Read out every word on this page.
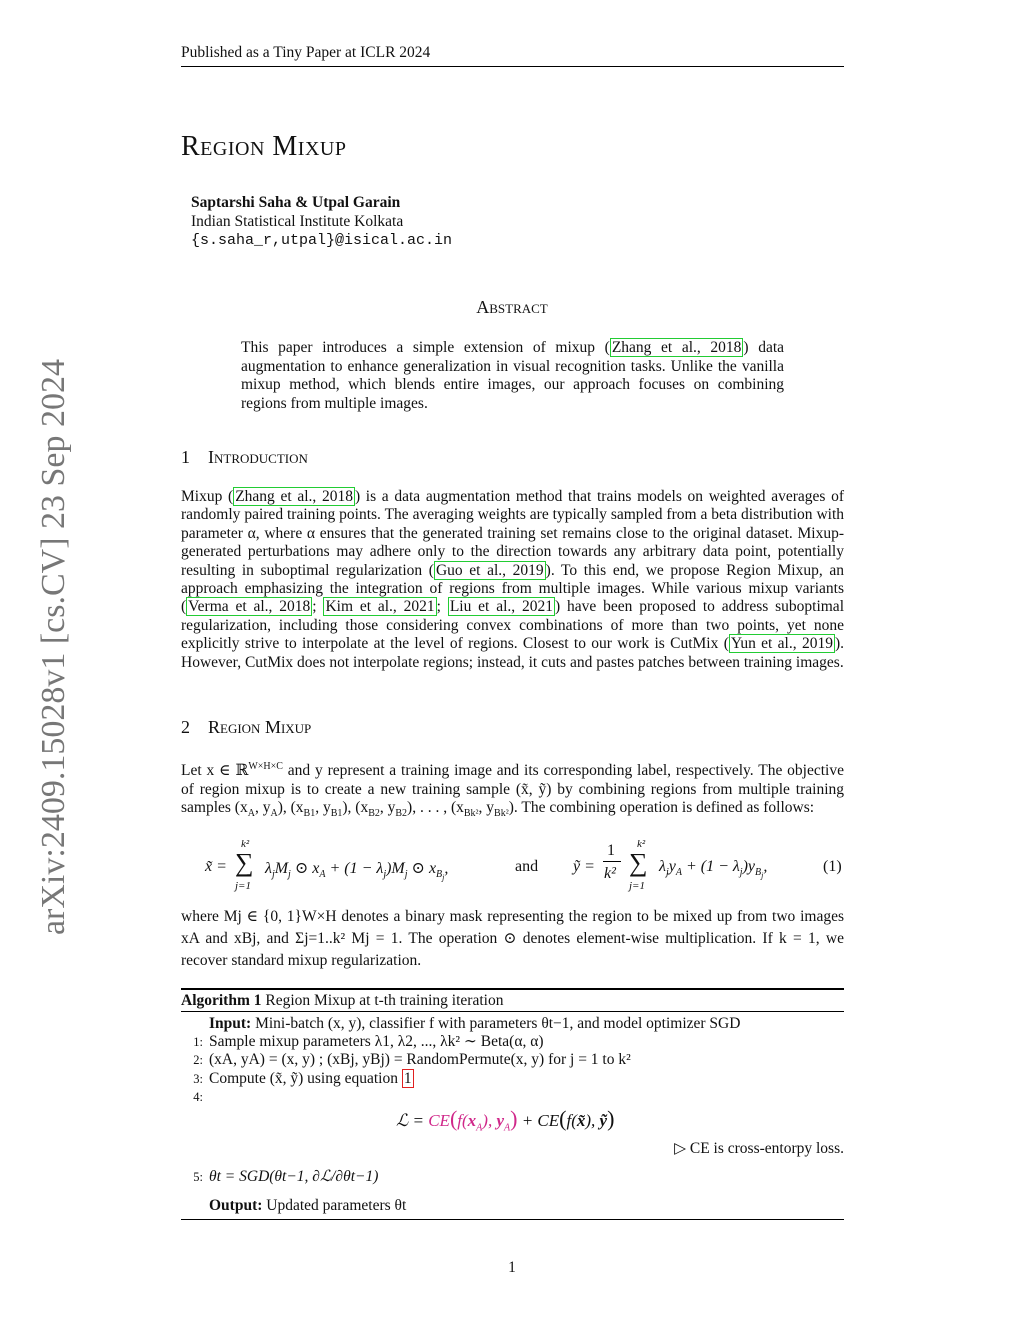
Published as a Tiny Paper at ICLR 2024
Region Mixup
Saptarshi Saha & Utpal Garain
Indian Statistical Institute Kolkata
{s.saha_r,utpal}@isical.ac.in
arXiv:2409.15028v1 [cs.CV] 23 Sep 2024
Abstract
This paper introduces a simple extension of mixup ( Zhang et al., 2018 ) data augmentation to enhance generalization in visual recognition tasks. Unlike the vanilla mixup method, which blends entire images, our approach focuses on combining regions from multiple images.
1 Introduction
Mixup ( Zhang et al., 2018 ) is a data augmentation method that trains models on weighted averages of randomly paired training points. The averaging weights are typically sampled from a beta distribution with parameter α, where α ensures that the generated training set remains close to the original dataset. Mixup-generated perturbations may adhere only to the direction towards any arbitrary data point, potentially resulting in suboptimal regularization ( Guo et al., 2019 ). To this end, we propose Region Mixup, an approach emphasizing the integration of regions from multiple images. While various mixup variants ( Verma et al., 2018 ; Kim et al., 2021 ; Liu et al., 2021 ) have been proposed to address suboptimal regularization, including those considering convex combinations of more than two points, yet none explicitly strive to interpolate at the level of regions. Closest to our work is CutMix ( Yun et al., 2019 ). However, CutMix does not interpolate regions; instead, it cuts and pastes patches between training images.
2 Region Mixup
Let x ∈ ℝ$^{W\times H\times C}$ and y represent a training image and its corresponding label, respectively. The objective of region mixup is to create a new training sample (x̃, ỹ) by combining regions from multiple training samples ($x_A$, $y_A$), ($x_{B1}$, $y_{B1}$), ($x_{B2}$, $y_{B2}$), . . . , ($x_{Bk^2}$, $y_{Bk^2}$). The combining operation is defined as follows:
x̃ =
k²
∑
j=1
$\lambda_jM_j$ ⊙ $x_A + (1 - \lambda_j)M_j$ ⊙ $x_{B_j}$,	and ỹ =
1
k²
k²
∑
j=1
$\lambda_jy_A + (1 - \lambda_j)y_{B_j}$,	(1)
where Mj ∈ {0, 1}W×H denotes a binary mask representing the region to be mixed up from two images xA and xBj, and Σj=1..k² Mj = 1. The operation ⊙ denotes element-wise multiplication. If k = 1, we recover standard mixup regularization.
Algorithm 1 Region Mixup at t-th training iteration
Input: Mini-batch (x, y), classifier f with parameters θt−1, and model optimizer SGD
1: Sample mixup parameters λ1, λ2, ..., λk² ∼ Beta(α, α)
2: (xA, yA) = (x, y) ; (xBj, yBj) = RandomPermute(x, y) for j = 1 to k²
3: Compute (x̃, ỹ) using equation 1
4:
ℒ = $CE(f(x_A)$, $y_A$) + CE(f(x̃), ỹ)
▷ CE is cross-entorpy loss.
5: θt = SGD(θt−1, ∂ℒ/∂θt−1)
Output: Updated parameters θt
1
